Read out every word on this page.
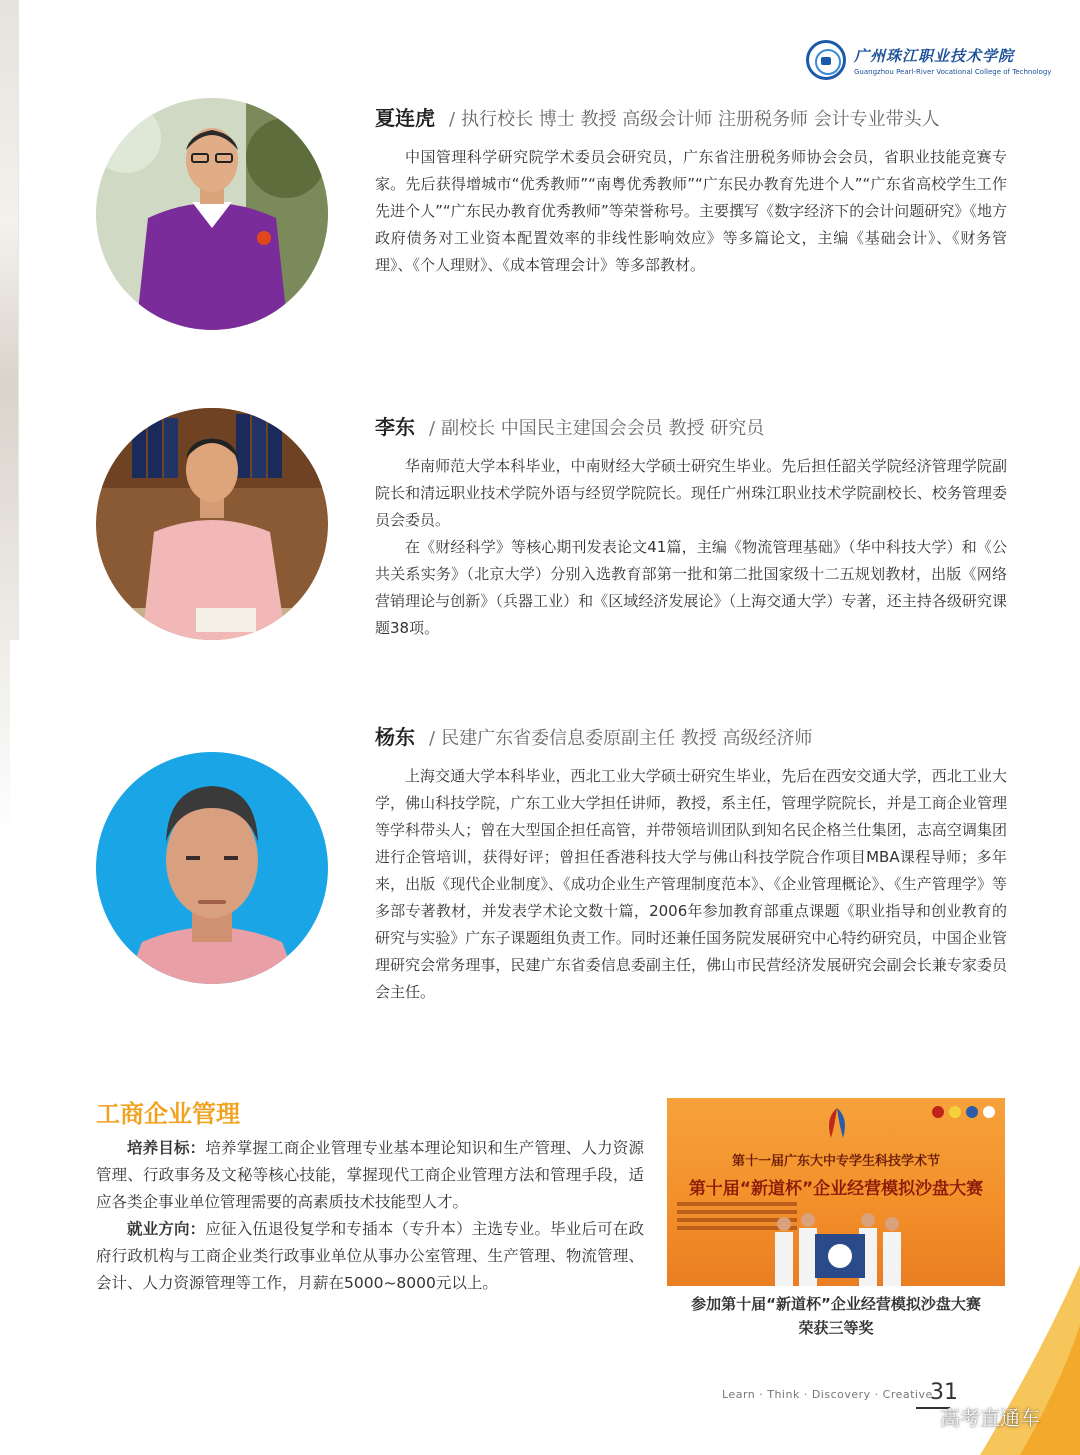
广州珠江职业技术学院
Guangzhou Pearl-River Vocational College of Technology
夏连虎 / 执行校长 博士 教授 高级会计师 注册税务师 会计专业带头人

中国管理科学研究院学术委员会研究员，广东省注册税务师协会会员，省职业技能竞赛专家。先后获得增城市“优秀教师”“南粤优秀教师”“广东民办教育先进个人”“广东省高校学生工作先进个人”“广东民办教育优秀教师”等荣誉称号。主要撰写《数字经济下的会计问题研究》《地方政府债务对工业资本配置效率的非线性影响效应》等多篇论文，主编《基础会计》、《财务管理》、《个人理财》、《成本管理会计》等多部教材。

李东 / 副校长 中国民主建国会会员 教授 研究员

华南师范大学本科毕业，中南财经大学硕士研究生毕业。先后担任韶关学院经济管理学院副院长和清远职业技术学院外语与经贸学院院长。现任广州珠江职业技术学院副校长、校务管理委员会委员。

在《财经科学》等核心期刊发表论文41篇，主编《物流管理基础》（华中科技大学）和《公共关系实务》（北京大学）分别入选教育部第一批和第二批国家级十二五规划教材，出版《网络营销理论与创新》（兵器工业）和《区域经济发展论》（上海交通大学）专著，还主持各级研究课题38项。

杨东 / 民建广东省委信息委原副主任 教授 高级经济师

上海交通大学本科毕业，西北工业大学硕士研究生毕业，先后在西安交通大学，西北工业大学，佛山科技学院，广东工业大学担任讲师，教授，系主任，管理学院院长，并是工商企业管理等学科带头人；曾在大型国企担任高管，并带领培训团队到知名民企格兰仕集团，志高空调集团进行企管培训，获得好评；曾担任香港科技大学与佛山科技学院合作项目MBA课程导师；多年来，出版《现代企业制度》、《成功企业生产管理制度范本》、《企业管理概论》、《生产管理学》等多部专著教材，并发表学术论文数十篇，2006年参加教育部重点课题《职业指导和创业教育的研究与实验》广东子课题组负责工作。同时还兼任国务院发展研究中心特约研究员，中国企业管理研究会常务理事，民建广东省委信息委副主任，佛山市民营经济发展研究会副会长兼专家委员会主任。

工商企业管理

培养目标：培养掌握工商企业管理专业基本理论知识和生产管理、人力资源管理、行政事务及文秘等核心技能，掌握现代工商企业管理方法和管理手段，适应各类企事业单位管理需要的高素质技术技能型人才。

就业方向：应征入伍退役复学和专插本（专升本）主选专业。毕业后可在政府行政机构与工商企业类行政事业单位从事办公室管理、生产管理、物流管理、会计、人力资源管理等工作，月薪在5000~8000元以上。

第十一届广东大中专学生科技学术节
第十届“新道杯”企业经营模拟沙盘大赛
参加第十届“新道杯”企业经营模拟沙盘大赛
荣获三等奖
Learn · Think · Discovery · Creative
31
高考直通车
